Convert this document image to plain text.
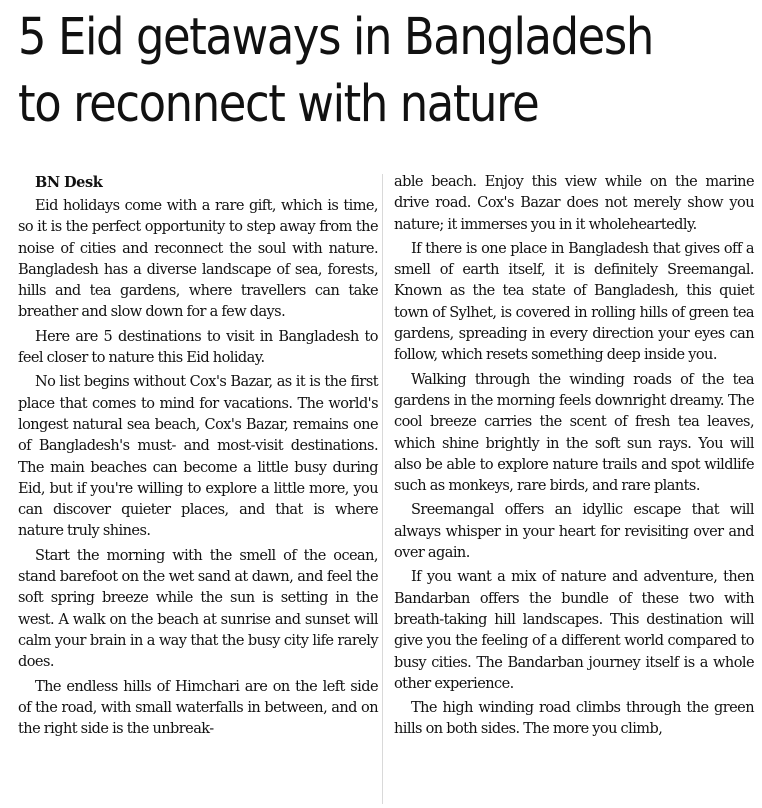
5 Eid getaways in Bangladesh
to reconnect with nature

BN Desk

Eid holidays come with a rare gift, which is time, so it is the perfect opportunity to step away from the noise of cities and reconnect the soul with nature. Bangladesh has a diverse landscape of sea, forests, hills and tea gardens, where travellers can take breather and slow down for a few days.

Here are 5 destinations to visit in Bangladesh to feel closer to nature this Eid holiday.

No list begins without Cox's Bazar, as it is the first place that comes to mind for vacations. The world's longest natural sea beach, Cox's Bazar, remains one of Bangladesh's must- and most-visit destinations. The main beaches can become a little busy during Eid, but if you're willing to explore a little more, you can discover quieter places, and that is where nature truly shines.

Start the morning with the smell of the ocean, stand barefoot on the wet sand at dawn, and feel the soft spring breeze while the sun is setting in the west. A walk on the beach at sunrise and sunset will calm your brain in a way that the busy city life rarely does.

The endless hills of Himchari are on the left side of the road, with small waterfalls in between, and on the right side is the unbreak-

able beach. Enjoy this view while on the marine drive road. Cox's Bazar does not merely show you nature; it immerses you in it wholeheartedly.

If there is one place in Bangladesh that gives off a smell of earth itself, it is definitely Sreemangal. Known as the tea state of Bangladesh, this quiet town of Sylhet, is covered in rolling hills of green tea gardens, spreading in every direction your eyes can follow, which resets something deep inside you.

Walking through the winding roads of the tea gardens in the morning feels downright dreamy. The cool breeze carries the scent of fresh tea leaves, which shine brightly in the soft sun rays. You will also be able to explore nature trails and spot wildlife such as monkeys, rare birds, and rare plants.

Sreemangal offers an idyllic escape that will always whisper in your heart for revisiting over and over again.

If you want a mix of nature and adventure, then Bandarban offers the bundle of these two with breath-taking hill landscapes. This destination will give you the feeling of a different world compared to busy cities. The Bandarban journey itself is a whole other experience.

The high winding road climbs through the green hills on both sides. The more you climb,
